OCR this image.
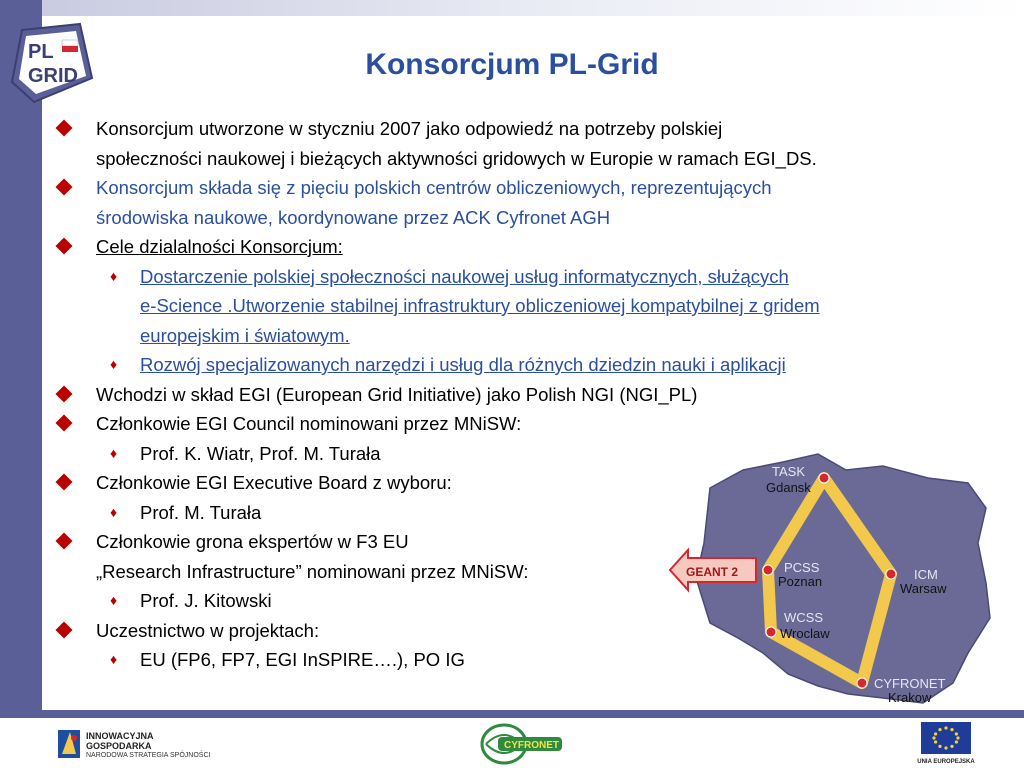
PL
GRID	Konsorcjum PL-Grid
Konsorcjum utworzone w styczniu 2007 jako odpowiedź na potrzeby polskiej
społeczności naukowej i bieżących aktywności gridowych w Europie w ramach EGI_DS.
Konsorcjum składa się z pięciu polskich centrów obliczeniowych, reprezentujących
środowiska naukowe, koordynowane przez ACK Cyfronet AGH
Cele dzialalności Konsorcjum:
♦ Dostarczenie polskiej społeczności naukowej usług informatycznych, służących
e-Science .Utworzenie stabilnej infrastruktury obliczeniowej kompatybilnej z gridem
europejskim i światowym.
♦ Rozwój specjalizowanych narzędzi i usług dla różnych dziedzin nauki i aplikacji
Wchodzi w skład EGI (European Grid Initiative) jako Polish NGI (NGI_PL)
Członkowie EGI Council nominowani przez MNiSW:
♦ Prof. K. Wiatr, Prof. M. Turała
Członkowie EGI Executive Board z wyboru:
♦ Prof. M. Turała
Członkowie grona ekspertów w F3 EU
„Research Infrastructure” nominowani przez MNiSW:
♦ Prof. J. Kitowski
Uczestnictwo w projektach:
♦ EU (FP6, FP7, EGI InSPIRE….), PO IG
GEANT 2
TASK
Gdansk
PCSS
Poznan	ICM
Warsaw
WCSS
Wroclaw
CYFRONET
Krakow
INNOWACYJNA
GOSPODARKA
NARODOWA STRATEGIA SPÓJNOŚCI
CYFRONET
UNIA EUROPEJSKA
